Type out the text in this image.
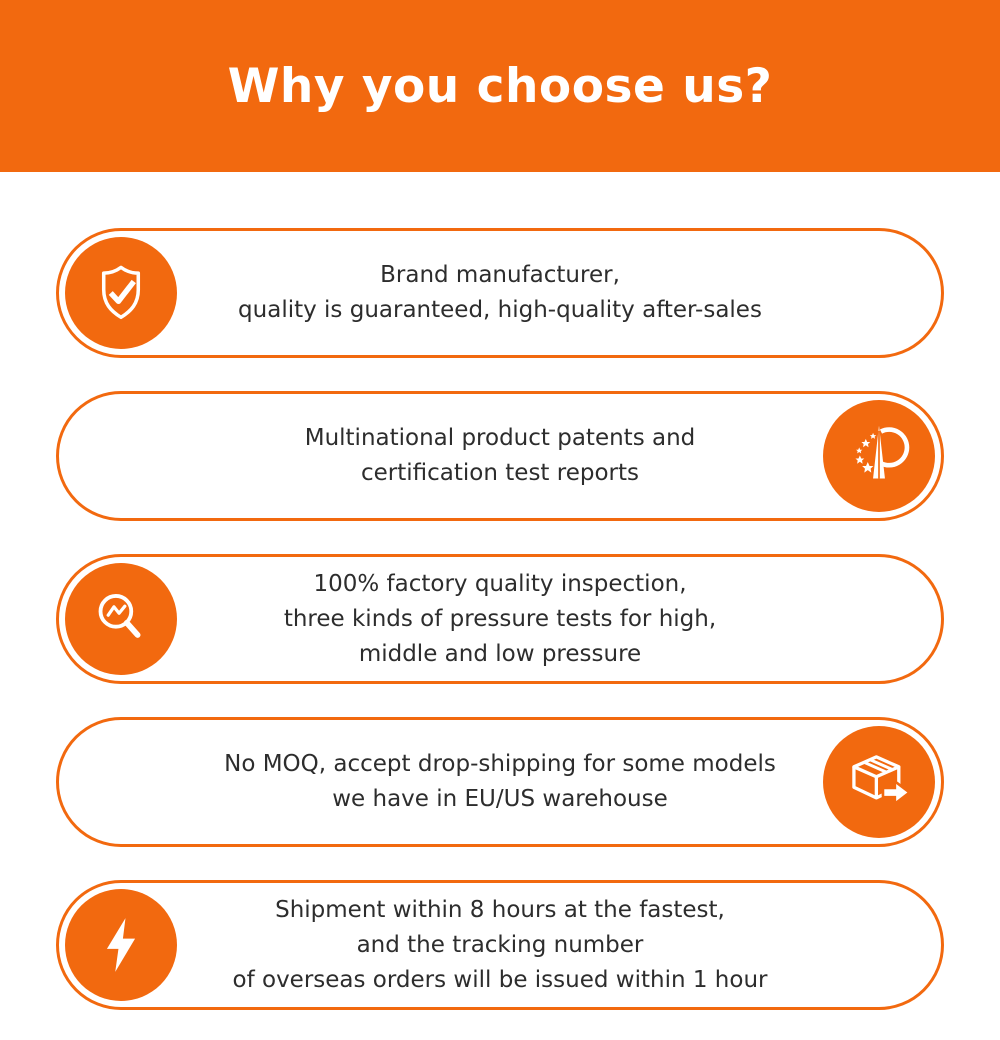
Why you choose us?
Brand manufacturer,
quality is guaranteed, high-quality after-sales
Multinational product patents and
certification test reports
100% factory quality inspection,
three kinds of pressure tests for high,
middle and low pressure
No MOQ, accept drop-shipping for some models
we have in EU/US warehouse
Shipment within 8 hours at the fastest,
and the tracking number
of overseas orders will be issued within 1 hour
